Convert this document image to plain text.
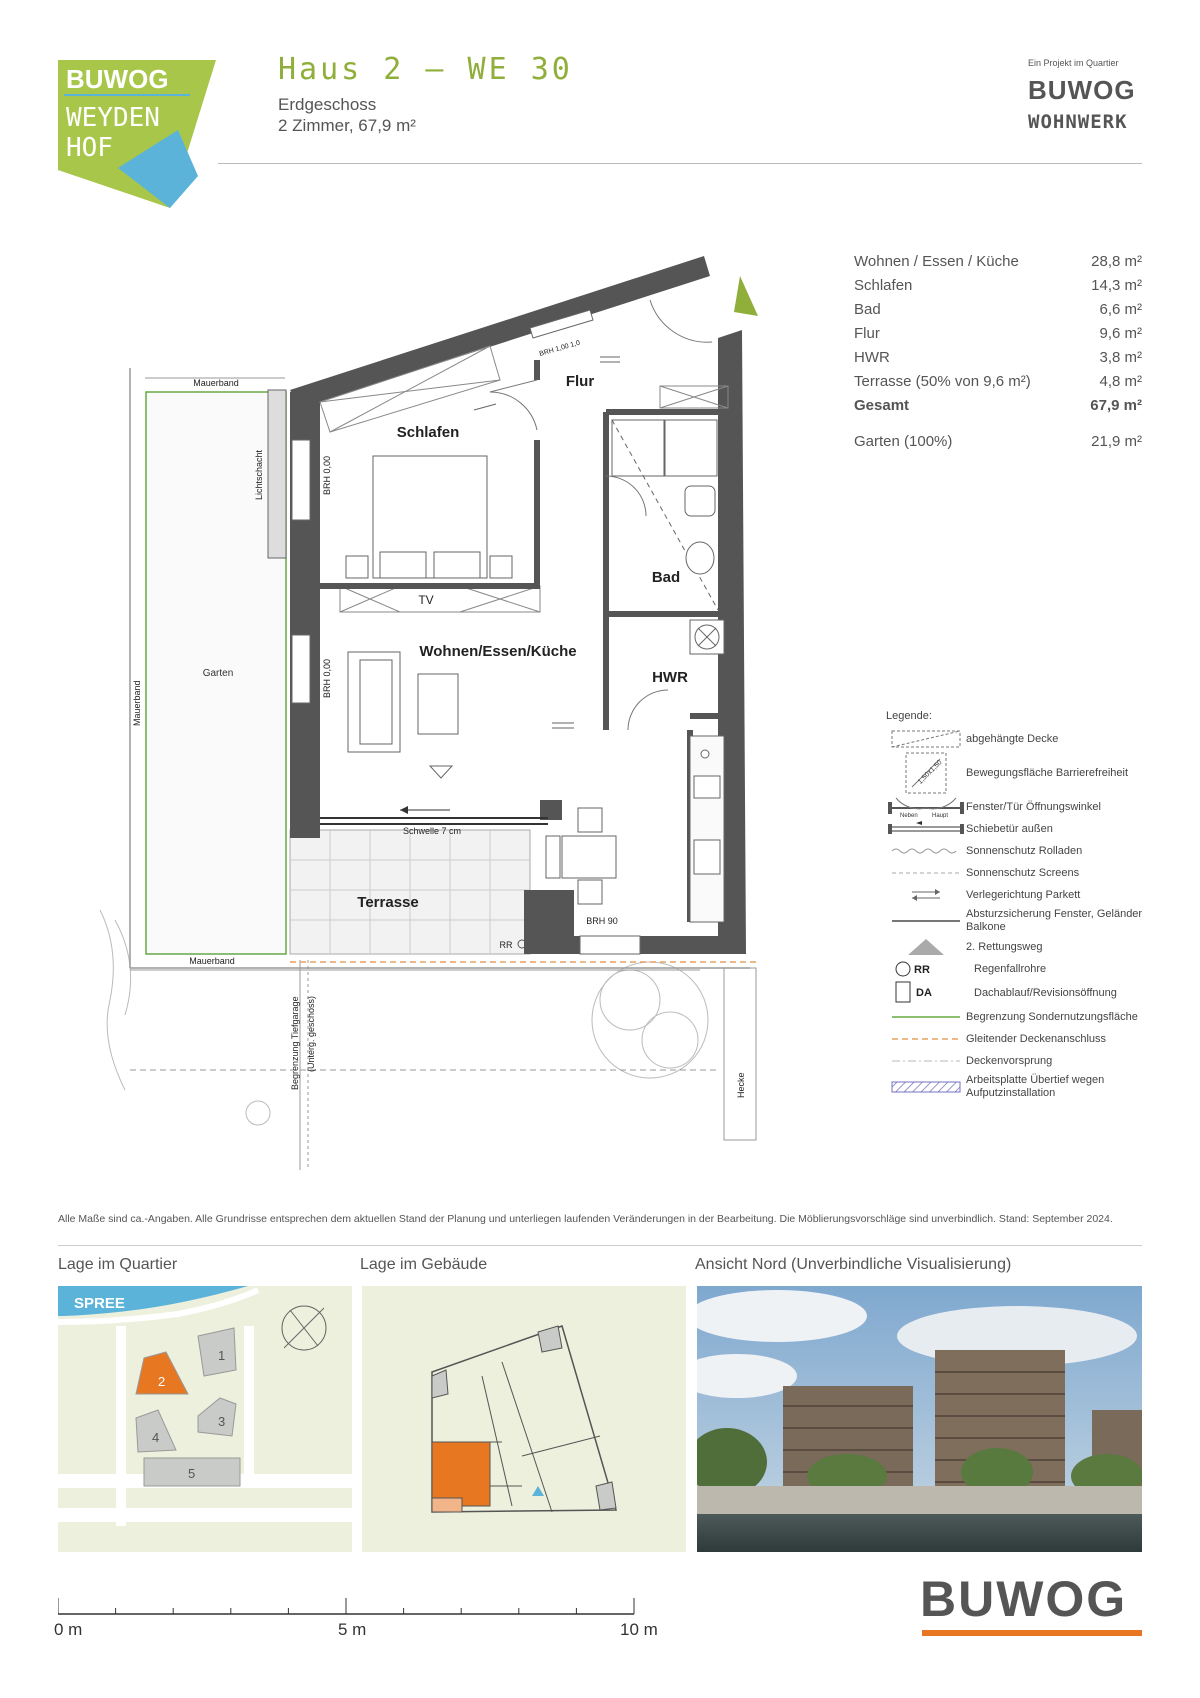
BUWOG
WEYDEN
HOF
Haus 2 — WE 30
Erdgeschoss
2 Zimmer, 67,9 m²
Ein Projekt im Quartier
BUWOG
WOHNWERK
Wohnen / Essen / Küche	28,8 m²
Schlafen	14,3 m²
Bad	6,6 m²
Flur	9,6 m²
HWR	3,8 m²
Terrasse (50% von 9,6 m²)	4,8 m²
Gesamt	67,9 m²
Garten (100%)	21,9 m²
Flur
Schlafen
Bad
HWR
Wohnen/Essen/Küche
Terrasse
Garten
TV
BRH 0,00
BRH 0,00
BRH 90
Schwelle 7 cm
RR
Mauerband
Mauerband
Mauerband
Lichtschacht
Begrenzung Tiefgarage (Unterg. geschoss)
Hecke
BRH 1,00 1,0
Legende:
abgehängte Decke
1,50x1,50 Bewegungsfläche Barrierefreiheit
Neben Haupt
Fenster/Tür Öffnungswinkel
Schiebetür außen
Sonnenschutz Rolladen
Sonnenschutz Screens
Verlegerichtung Parkett
Absturzsicherung Fenster, Geländer Balkone
2. Rettungsweg
RR	Regenfallrohre
DA	Dachablauf/Revisionsöffnung
Begrenzung Sondernutzungsfläche
Gleitender Deckenanschluss
Deckenvorsprung
Arbeitsplatte Übertief wegen Aufputzinstallation
Alle Maße sind ca.-Angaben. Alle Grundrisse entsprechen dem aktuellen Stand der Planung und unterliegen laufenden Veränderungen in der Bearbeitung. Die Möblierungsvorschläge sind unverbindlich. Stand: September 2024.
Lage im Quartier	Lage im Gebäude	Ansicht Nord (Unverbindliche Visualisierung)
SPREE
2
1
3
4
5
0 m	5 m	10 m
BUWOG
